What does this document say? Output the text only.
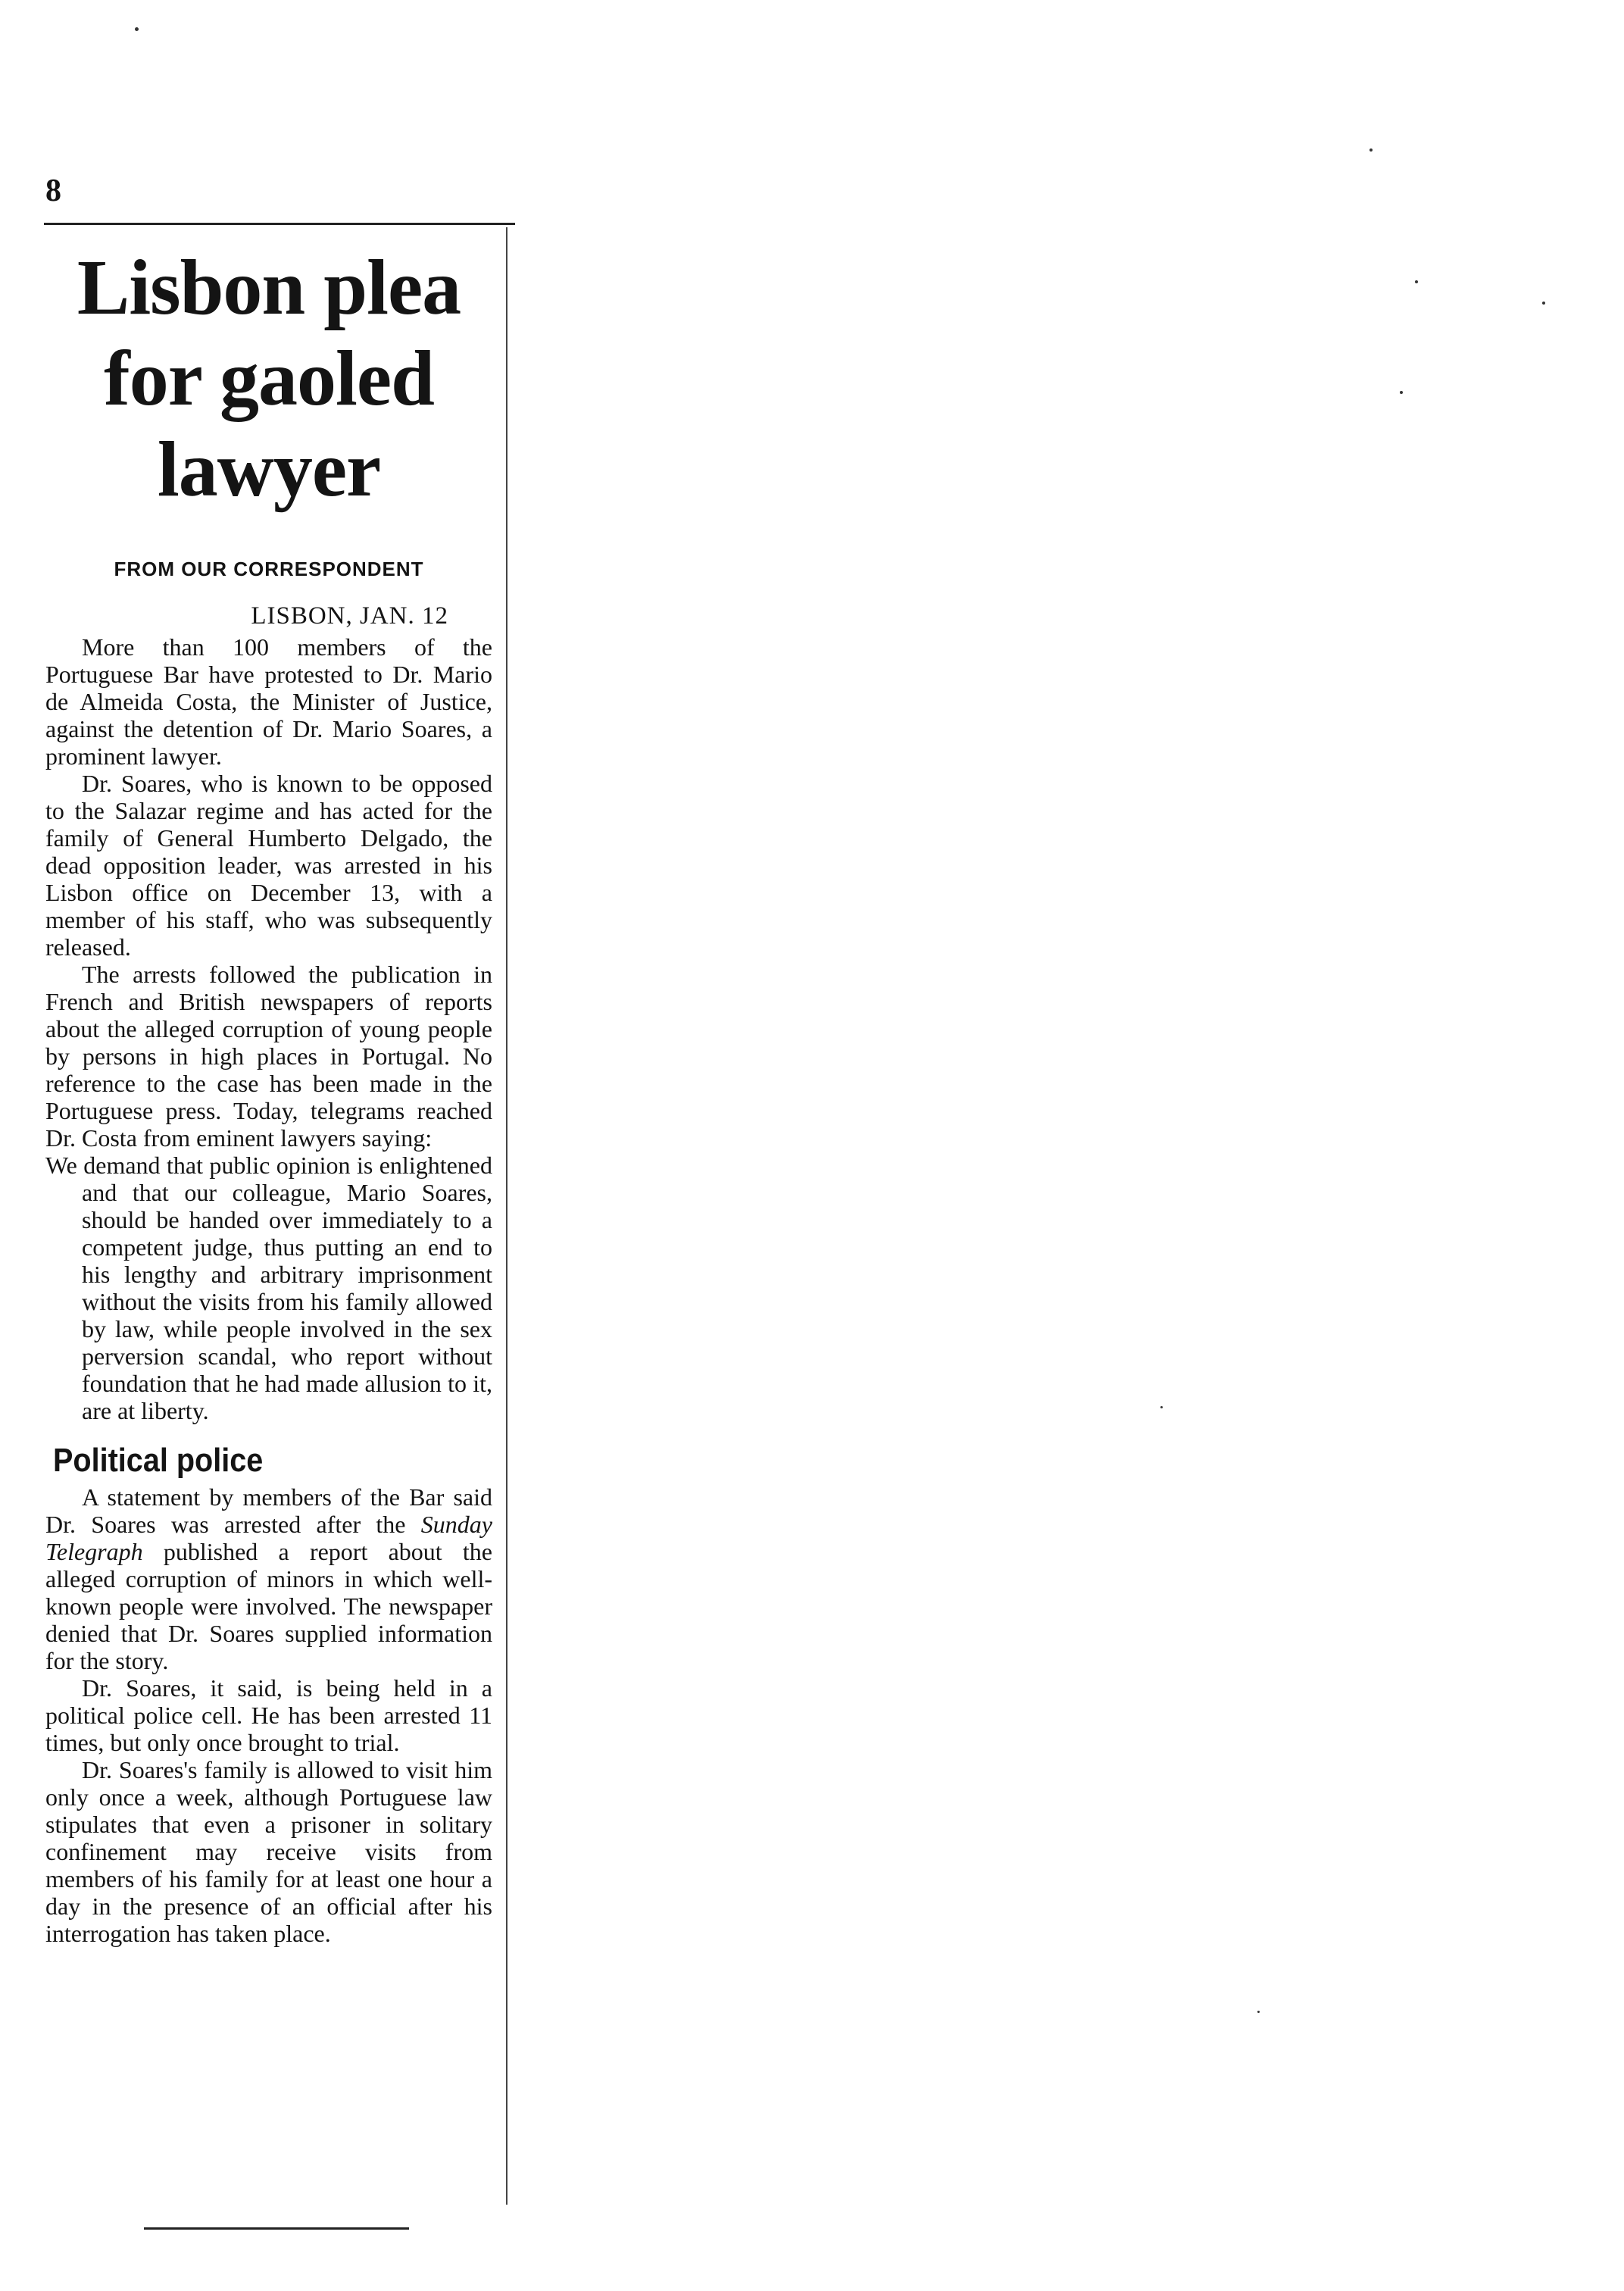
8
Lisbon plea
for gaoled
lawyer
FROM OUR CORRESPONDENT
LISBON, JAN. 12

More than 100 members of the Portuguese Bar have protested to Dr. Mario de Almeida Costa, the Minister of Justice, against the detention of Dr. Mario Soares, a prominent lawyer.

Dr. Soares, who is known to be opposed to the Salazar regime and has acted for the family of General Humberto Delgado, the dead opposition leader, was arrested in his Lisbon office on December 13, with a member of his staff, who was subsequently released.

The arrests followed the publication in French and British newspapers of reports about the alleged corruption of young people by persons in high places in Portugal. No reference to the case has been made in the Portuguese press. Today, telegrams reached Dr. Costa from eminent lawyers saying:

We demand that public opinion is enlightened and that our colleague, Mario Soares, should be handed over immediately to a competent judge, thus putting an end to his lengthy and arbitrary imprisonment without the visits from his family allowed by law, while people involved in the sex perversion scandal, who report without foundation that he had made allusion to it, are at liberty.

Political police

A statement by members of the Bar said Dr. Soares was arrested after the Sunday Telegraph published a report about the alleged corruption of minors in which well-known people were involved. The newspaper denied that Dr. Soares supplied information for the story.

Dr. Soares, it said, is being held in a political police cell. He has been arrested 11 times, but only once brought to trial.

Dr. Soares's family is allowed to visit him only once a week, although Portuguese law stipulates that even a prisoner in solitary confinement may receive visits from members of his family for at least one hour a day in the presence of an official after his interrogation has taken place.
